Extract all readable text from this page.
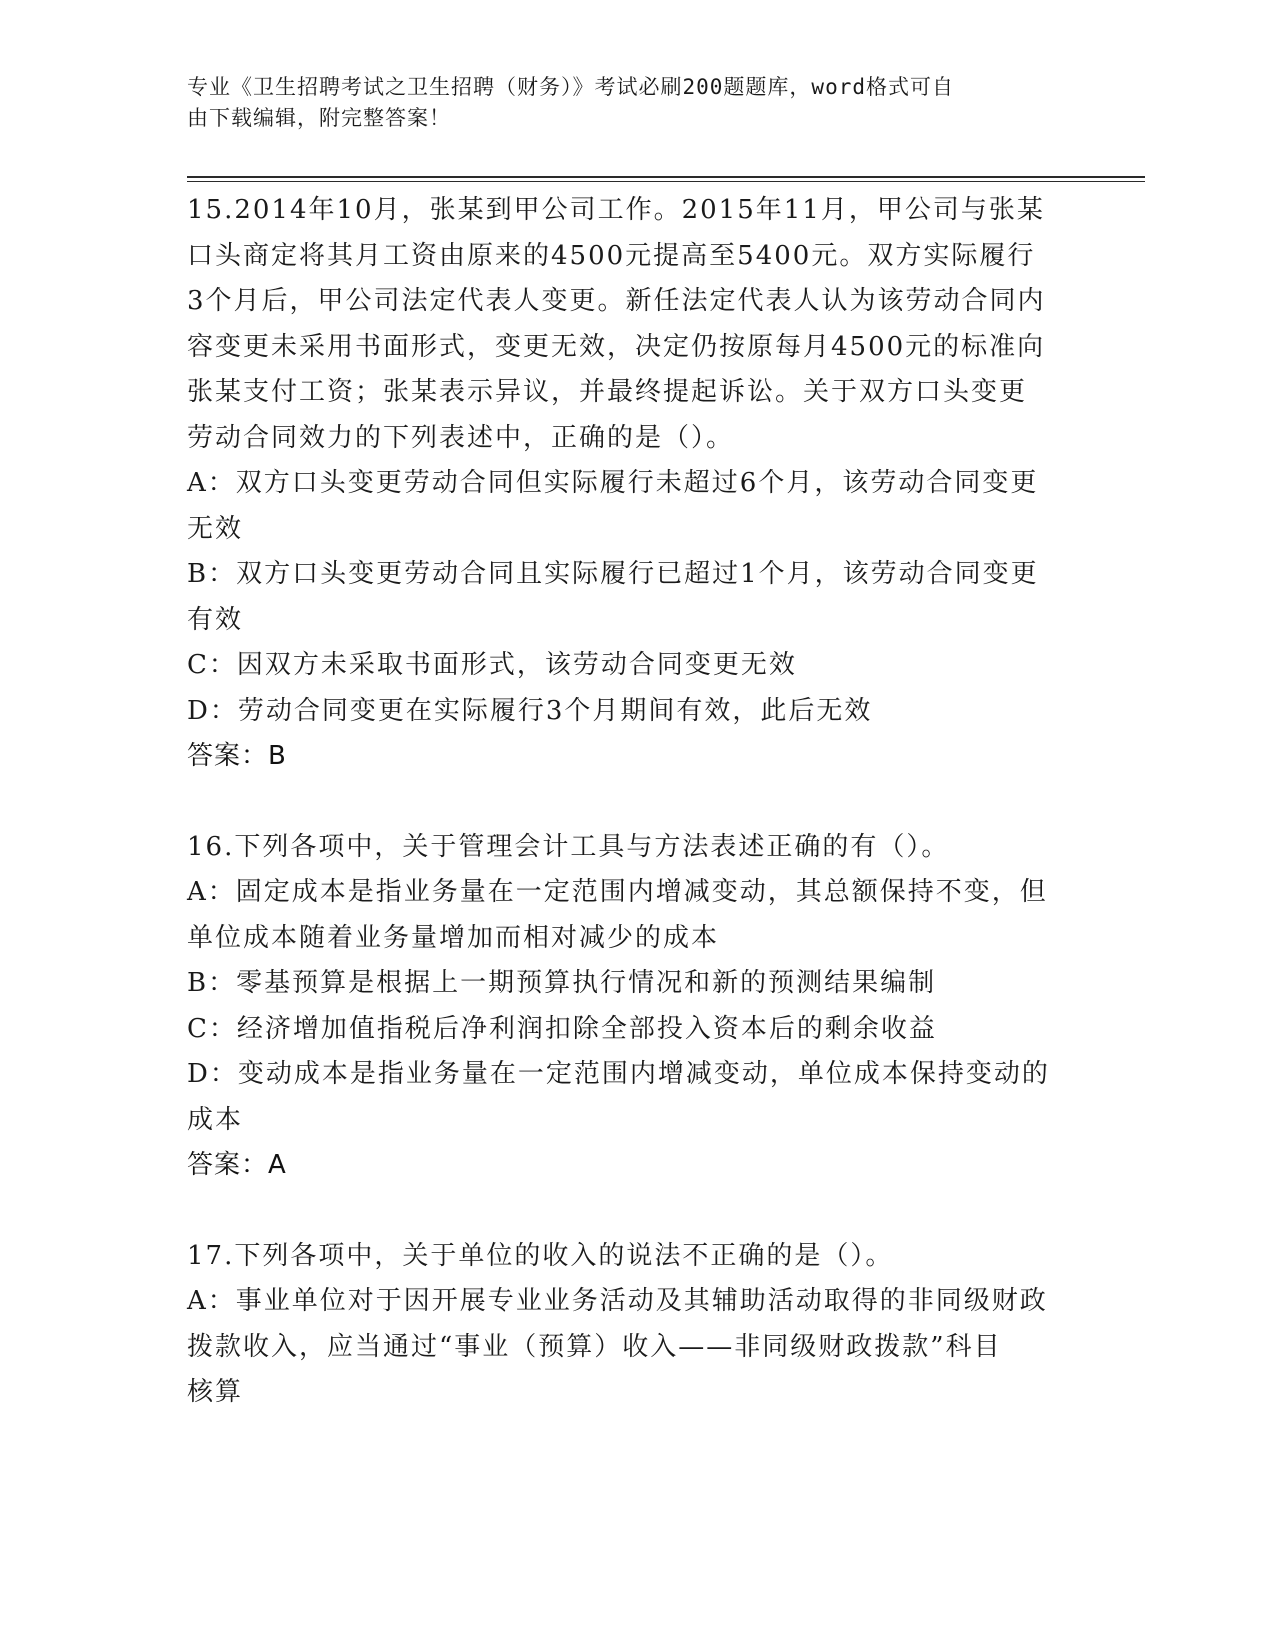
专业《卫生招聘考试之卫生招聘（财务）》考试必刷200题题库，word格式可自
由下载编辑，附完整答案！

15.2014年10月，张某到甲公司工作。2015年11月，甲公司与张某

口头商定将其月工资由原来的4500元提高至5400元。双方实际履行

3个月后，甲公司法定代表人变更。新任法定代表人认为该劳动合同内

容变更未采用书面形式，变更无效，决定仍按原每月4500元的标准向

张某支付工资；张某表示异议，并最终提起诉讼。关于双方口头变更

劳动合同效力的下列表述中，正确的是（）。

A：双方口头变更劳动合同但实际履行未超过6个月，该劳动合同变更

无效

B：双方口头变更劳动合同且实际履行已超过1个月，该劳动合同变更

有效

C：因双方未采取书面形式，该劳动合同变更无效

D：劳动合同变更在实际履行3个月期间有效，此后无效

答案：B

16.下列各项中，关于管理会计工具与方法表述正确的有（）。

A：固定成本是指业务量在一定范围内增减变动，其总额保持不变，但

单位成本随着业务量增加而相对减少的成本

B：零基预算是根据上一期预算执行情况和新的预测结果编制

C：经济增加值指税后净利润扣除全部投入资本后的剩余收益

D：变动成本是指业务量在一定范围内增减变动，单位成本保持变动的

成本

答案：A

17.下列各项中，关于单位的收入的说法不正确的是（）。

A：事业单位对于因开展专业业务活动及其辅助活动取得的非同级财政

拨款收入，应当通过“事业（预算）收入——非同级财政拨款”科目

核算
